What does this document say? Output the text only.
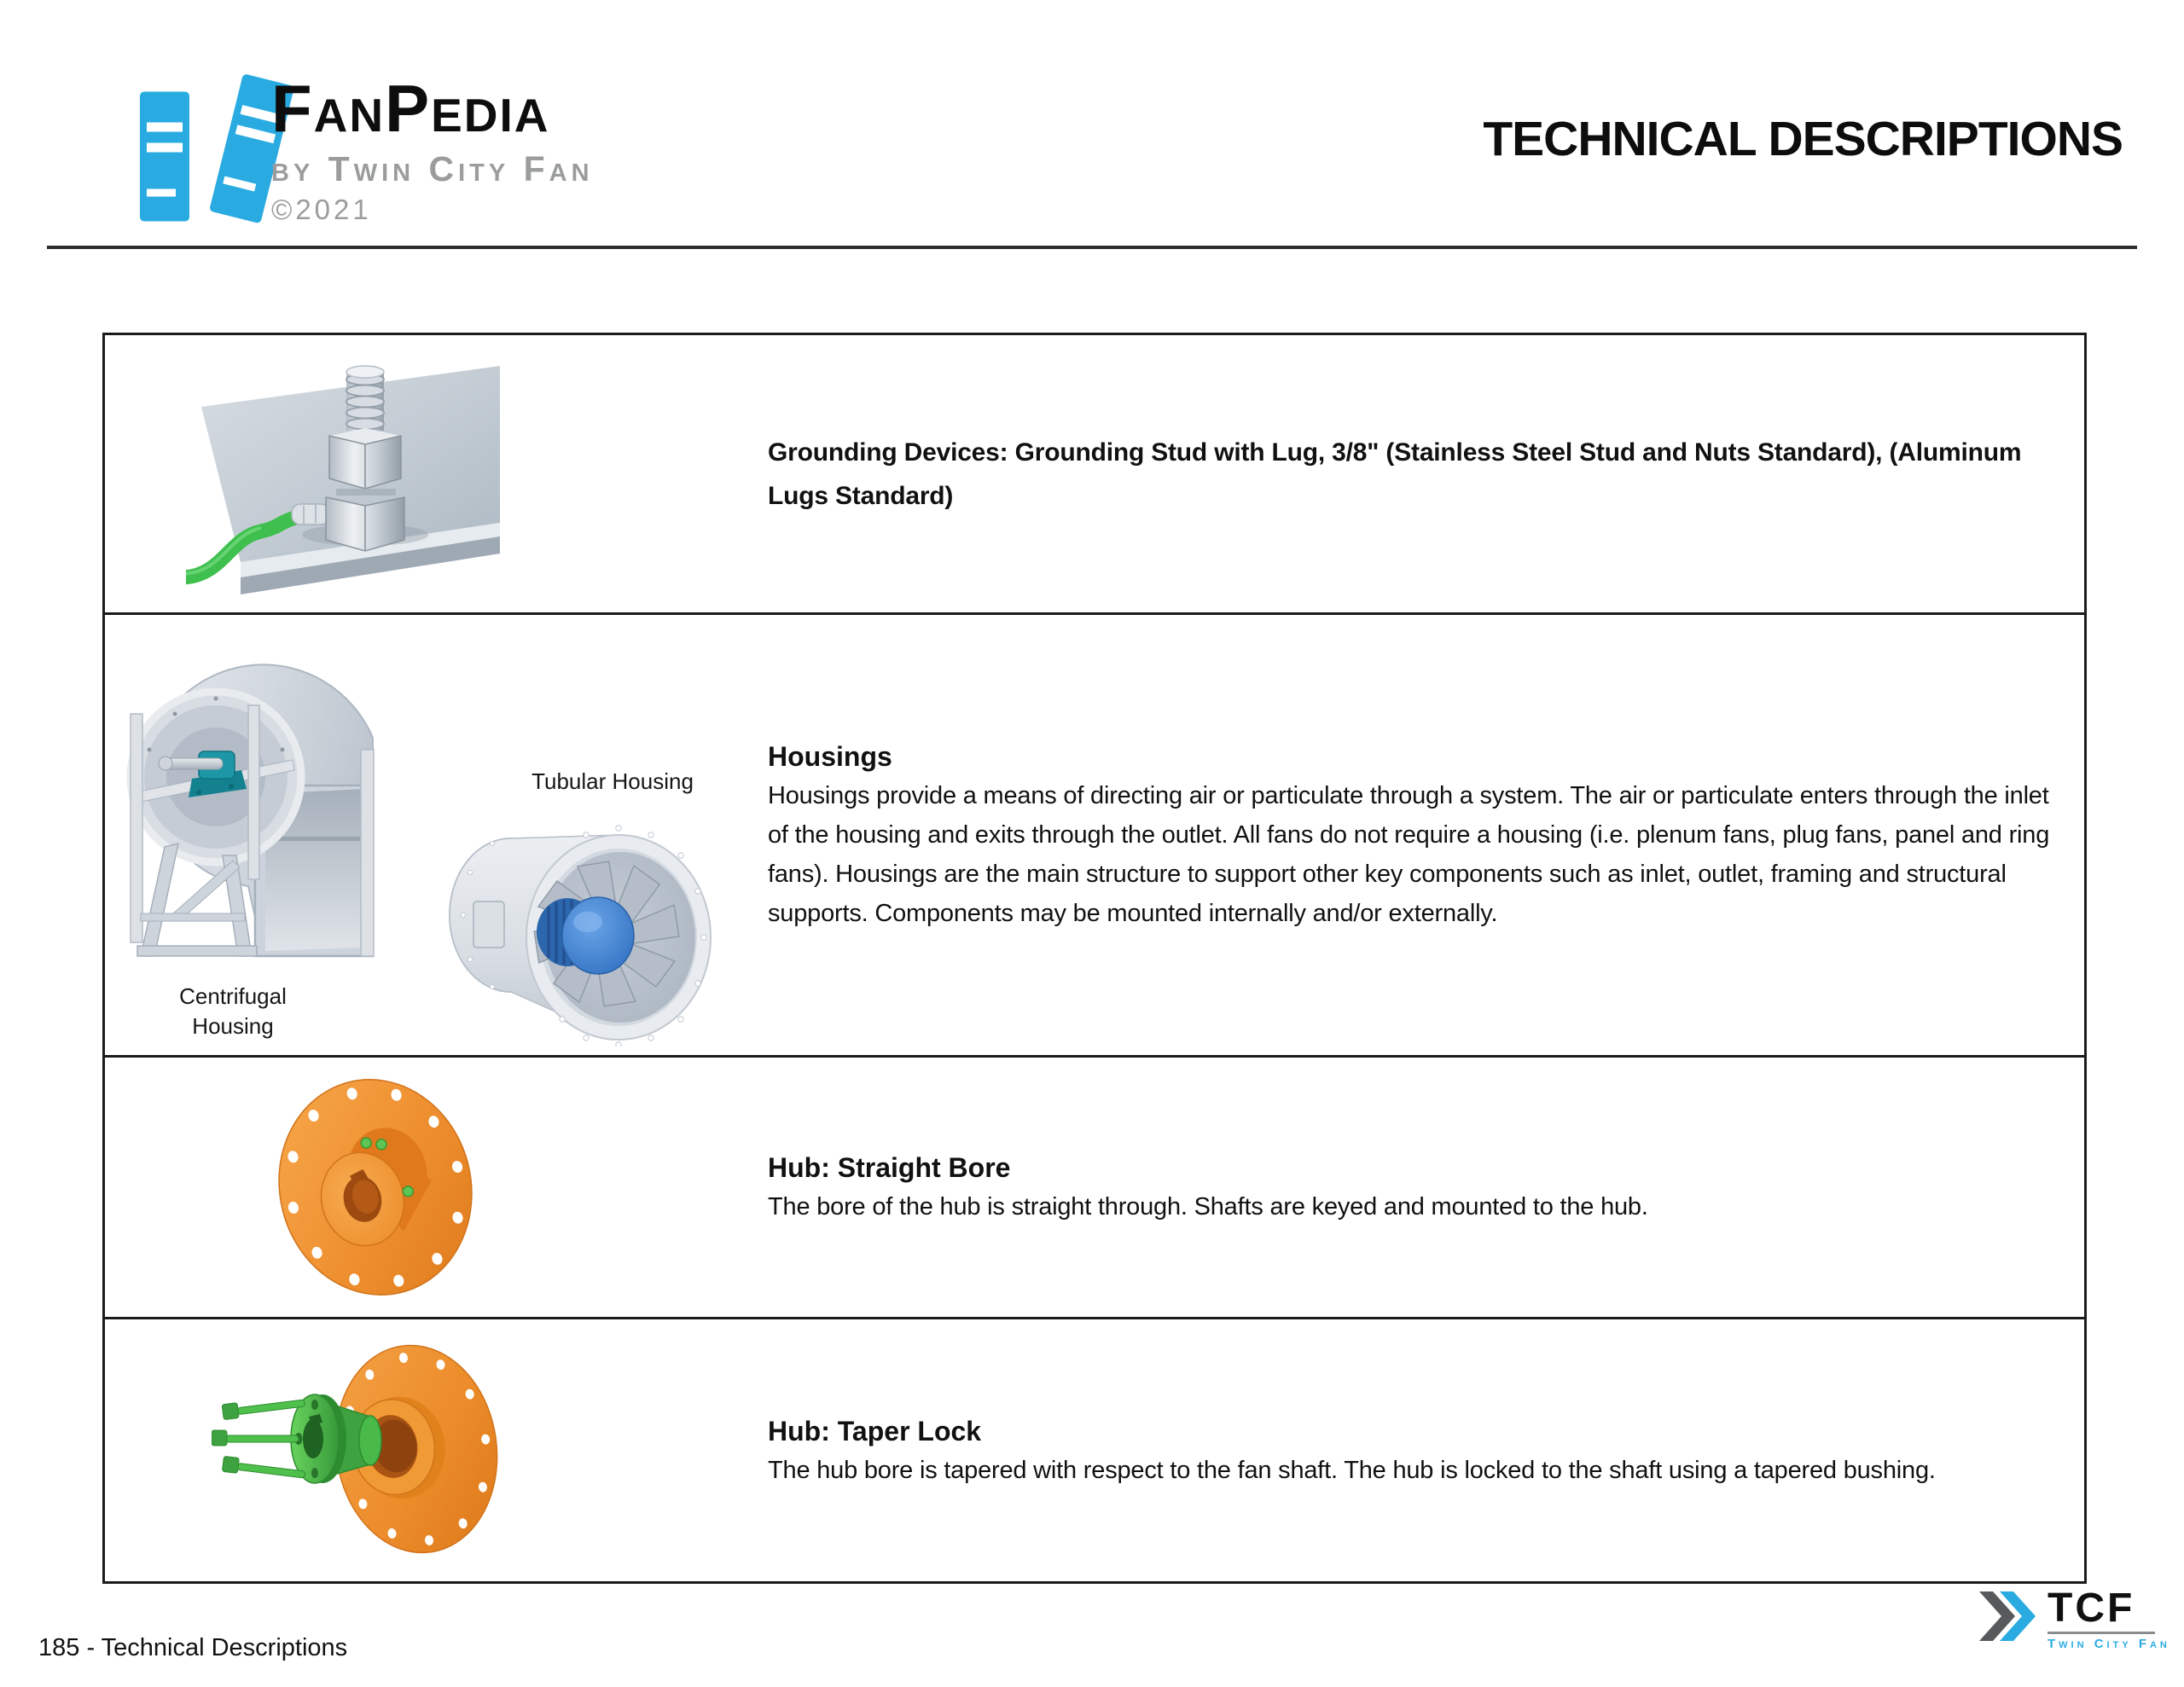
FanPedia
by Twin City Fan
©2021
TECHNICAL DESCRIPTIONS
Grounding Devices: Grounding Stud with Lug, 3/8" (Stainless Steel Stud and Nuts Standard), (Aluminum Lugs Standard)
Centrifugal Housing
Tubular Housing
Housings
Housings provide a means of directing air or particulate through a system. The air or particulate enters through the inlet of the housing and exits through the outlet. All fans do not require a housing (i.e. plenum fans, plug fans, panel and ring fans). Housings are the main structure to support other key components such as inlet, outlet, framing and structural supports. Components may be mounted internally and/or externally.
Hub: Straight Bore
The bore of the hub is straight through. Shafts are keyed and mounted to the hub.
Hub: Taper Lock
The hub bore is tapered with respect to the fan shaft. The hub is locked to the shaft using a tapered bushing.
185 - Technical Descriptions
TCF
Twin City Fan
